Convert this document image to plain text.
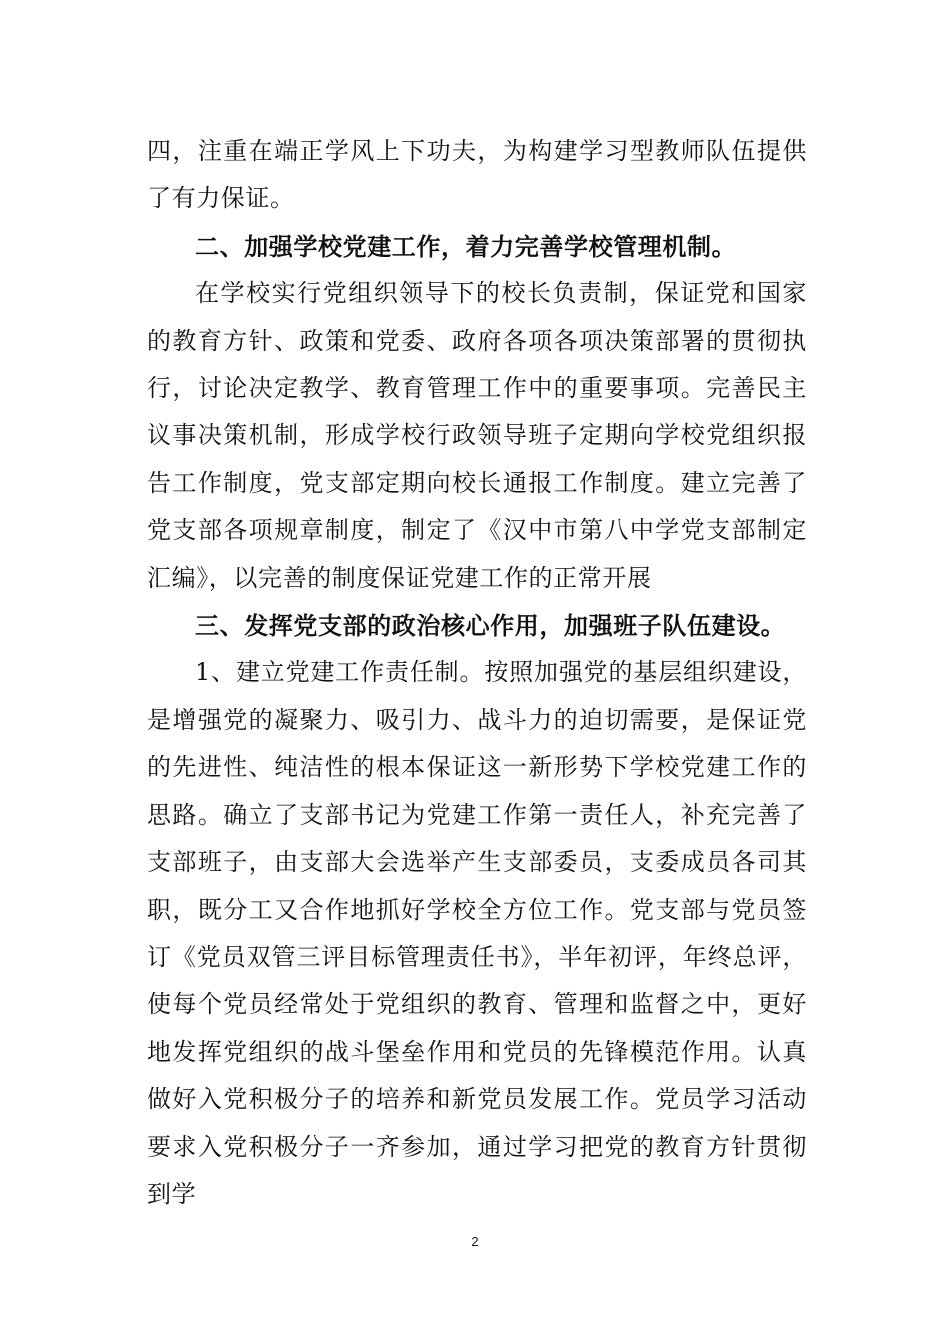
四，注重在端正学风上下功夫，为构建学习型教师队伍提供了有力保证。

二、加强学校党建工作，着力完善学校管理机制。

在学校实行党组织领导下的校长负责制，保证党和国家的教育方针、政策和党委、政府各项各项决策部署的贯彻执行，讨论决定教学、教育管理工作中的重要事项。完善民主议事决策机制，形成学校行政领导班子定期向学校党组织报告工作制度，党支部定期向校长通报工作制度。建立完善了党支部各项规章制度，制定了《汉中市第八中学党支部制定汇编》，以完善的制度保证党建工作的正常开展

三、发挥党支部的政治核心作用，加强班子队伍建设。

1、建立党建工作责任制。按照加强党的基层组织建设，是增强党的凝聚力、吸引力、战斗力的迫切需要，是保证党的先进性、纯洁性的根本保证这一新形势下学校党建工作的思路。确立了支部书记为党建工作第一责任人，补充完善了支部班子，由支部大会选举产生支部委员，支委成员各司其职，既分工又合作地抓好学校全方位工作。党支部与党员签订《党员双管三评目标管理责任书》，半年初评，年终总评，使每个党员经常处于党组织的教育、管理和监督之中，更好地发挥党组织的战斗堡垒作用和党员的先锋模范作用。认真做好入党积极分子的培养和新党员发展工作。党员学习活动要求入党积极分子一齐参加，通过学习把党的教育方针贯彻到学

2
